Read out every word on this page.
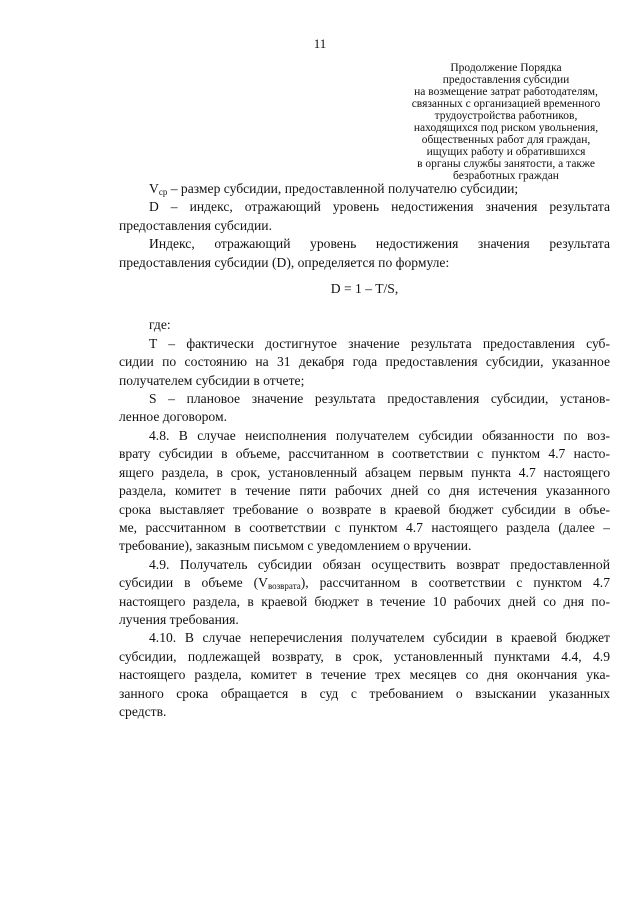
11
Продолжение Порядка
предоставления субсидии
на возмещение затрат работодателям,
связанных с организацией временного
трудоустройства работников,
находящихся под риском увольнения,
общественных работ для граждан,
ищущих работу и обратившихся
в органы службы занятости, а также
безработных граждан
$V_{ср}$ – размер субсидии, предоставленной получателю субсидии;
D – индекс, отражающий уровень недостижения значения результата
предоставления субсидии.
Индекс, отражающий уровень недостижения значения результата
предоставления субсидии (D), определяется по формуле:
D = 1 – T/S,
где:
T – фактически достигнутое значение результата предоставления суб-
сидии по состоянию на 31 декабря года предоставления субсидии, указанное
получателем субсидии в отчете;
S – плановое значение результата предоставления субсидии, установ-
ленное договором.
4.8. В случае неисполнения получателем субсидии обязанности по воз-
врату субсидии в объеме, рассчитанном в соответствии с пунктом 4.7 насто-
ящего раздела, в срок, установленный абзацем первым пункта 4.7 настоящего
раздела, комитет в течение пяти рабочих дней со дня истечения указанного
срока выставляет требование о возврате в краевой бюджет субсидии в объе-
ме, рассчитанном в соответствии с пунктом 4.7 настоящего раздела (далее –
требование), заказным письмом с уведомлением о вручении.
4.9. Получатель субсидии обязан осуществить возврат предоставленной
субсидии в объеме $(V_{возврата})$, рассчитанном в соответствии с пунктом 4.7
настоящего раздела, в краевой бюджет в течение 10 рабочих дней со дня по-
лучения требования.
4.10. В случае неперечисления получателем субсидии в краевой бюджет
субсидии, подлежащей возврату, в срок, установленный пунктами 4.4, 4.9
настоящего раздела, комитет в течение трех месяцев со дня окончания ука-
занного срока обращается в суд с требованием о взыскании указанных
средств.
